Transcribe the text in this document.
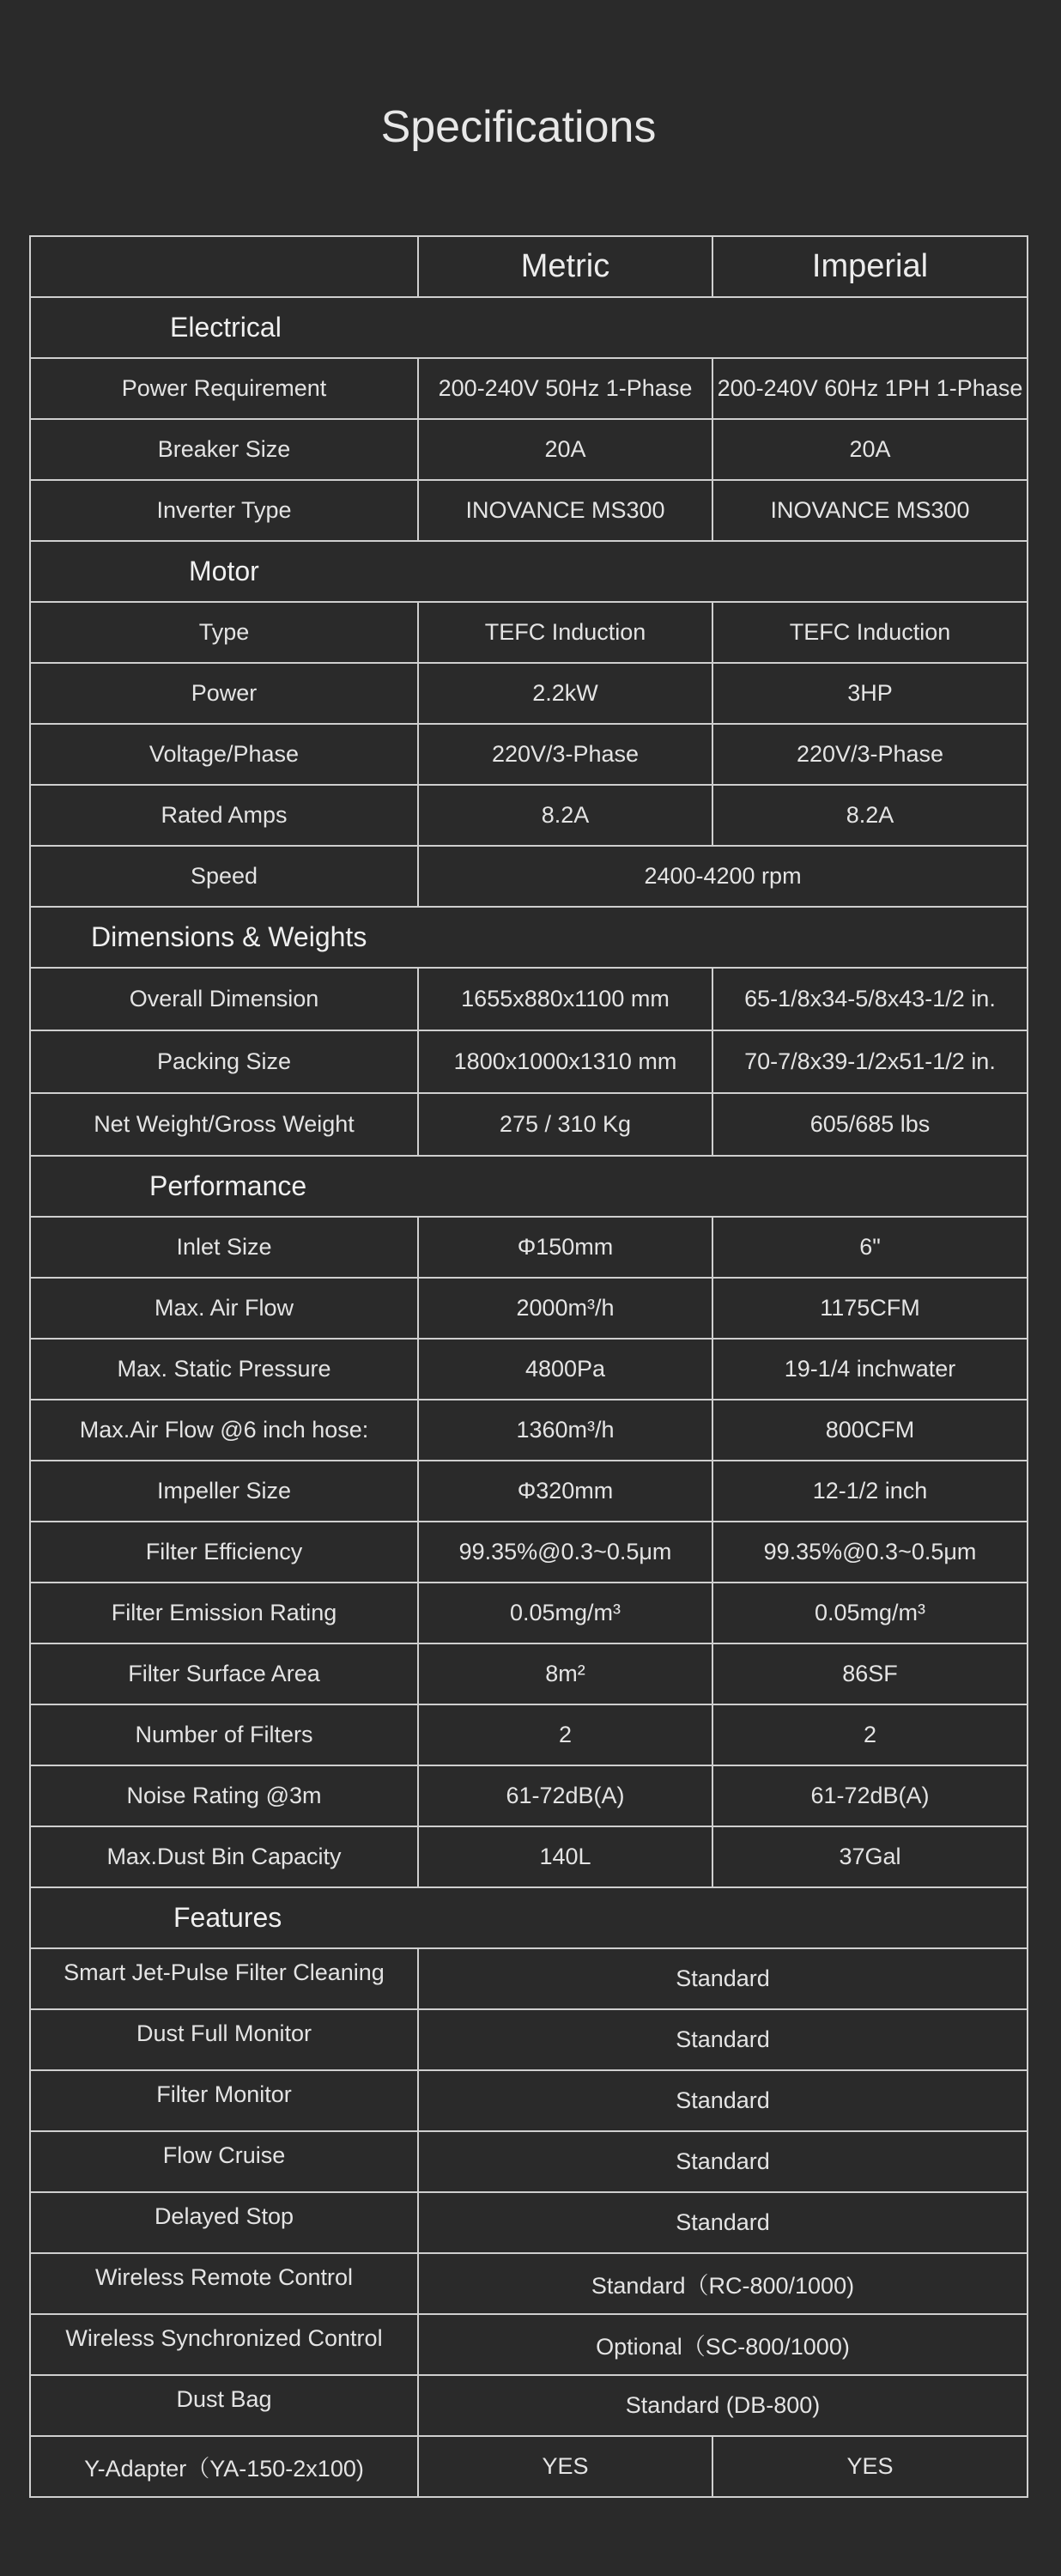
Specifications
	Metric	Imperial
Electrical		
Power Requirement	200-240V 50Hz 1-Phase	200-240V 60Hz 1PH 1-Phase
Breaker Size	20A	20A
Inverter Type	INOVANCE MS300	INOVANCE MS300
Motor		
Type	TEFC Induction	TEFC Induction
Power	2.2kW	3HP
Voltage/Phase	220V/3-Phase	220V/3-Phase
Rated Amps	8.2A	8.2A
Speed	2400-4200 rpm	
Dimensions & Weights		
Overall Dimension	1655x880x1100 mm	65-1/8x34-5/8x43-1/2 in.
Packing Size	1800x1000x1310 mm	70-7/8x39-1/2x51-1/2 in.
Net Weight/Gross Weight	275 / 310 Kg	605/685 lbs
Performance		
Inlet Size	Φ150mm	6"
Max. Air Flow	2000m³/h	1175CFM
Max. Static Pressure	4800Pa	19-1/4 inchwater
Max.Air Flow @6 inch hose:	1360m³/h	800CFM
Impeller Size	Φ320mm	12-1/2 inch
Filter Efficiency	99.35%@0.3~0.5μm	99.35%@0.3~0.5μm
Filter Emission Rating	0.05mg/m³	0.05mg/m³
Filter Surface Area	8m²	86SF
Number of Filters	2	2
Noise Rating @3m	61-72dB(A)	61-72dB(A)
Max.Dust Bin Capacity	140L	37Gal
Features		
Smart Jet-Pulse Filter Cleaning	Standard	
Dust Full Monitor	Standard	
Filter Monitor	Standard	
Flow Cruise	Standard	
Delayed Stop	Standard	
Wireless Remote Control	Standard（RC-800/1000)	
Wireless Synchronized Control	Optional（SC-800/1000)	
Dust Bag	Standard (DB-800)	
Y-Adapter（YA-150-2x100)	YES	YES
